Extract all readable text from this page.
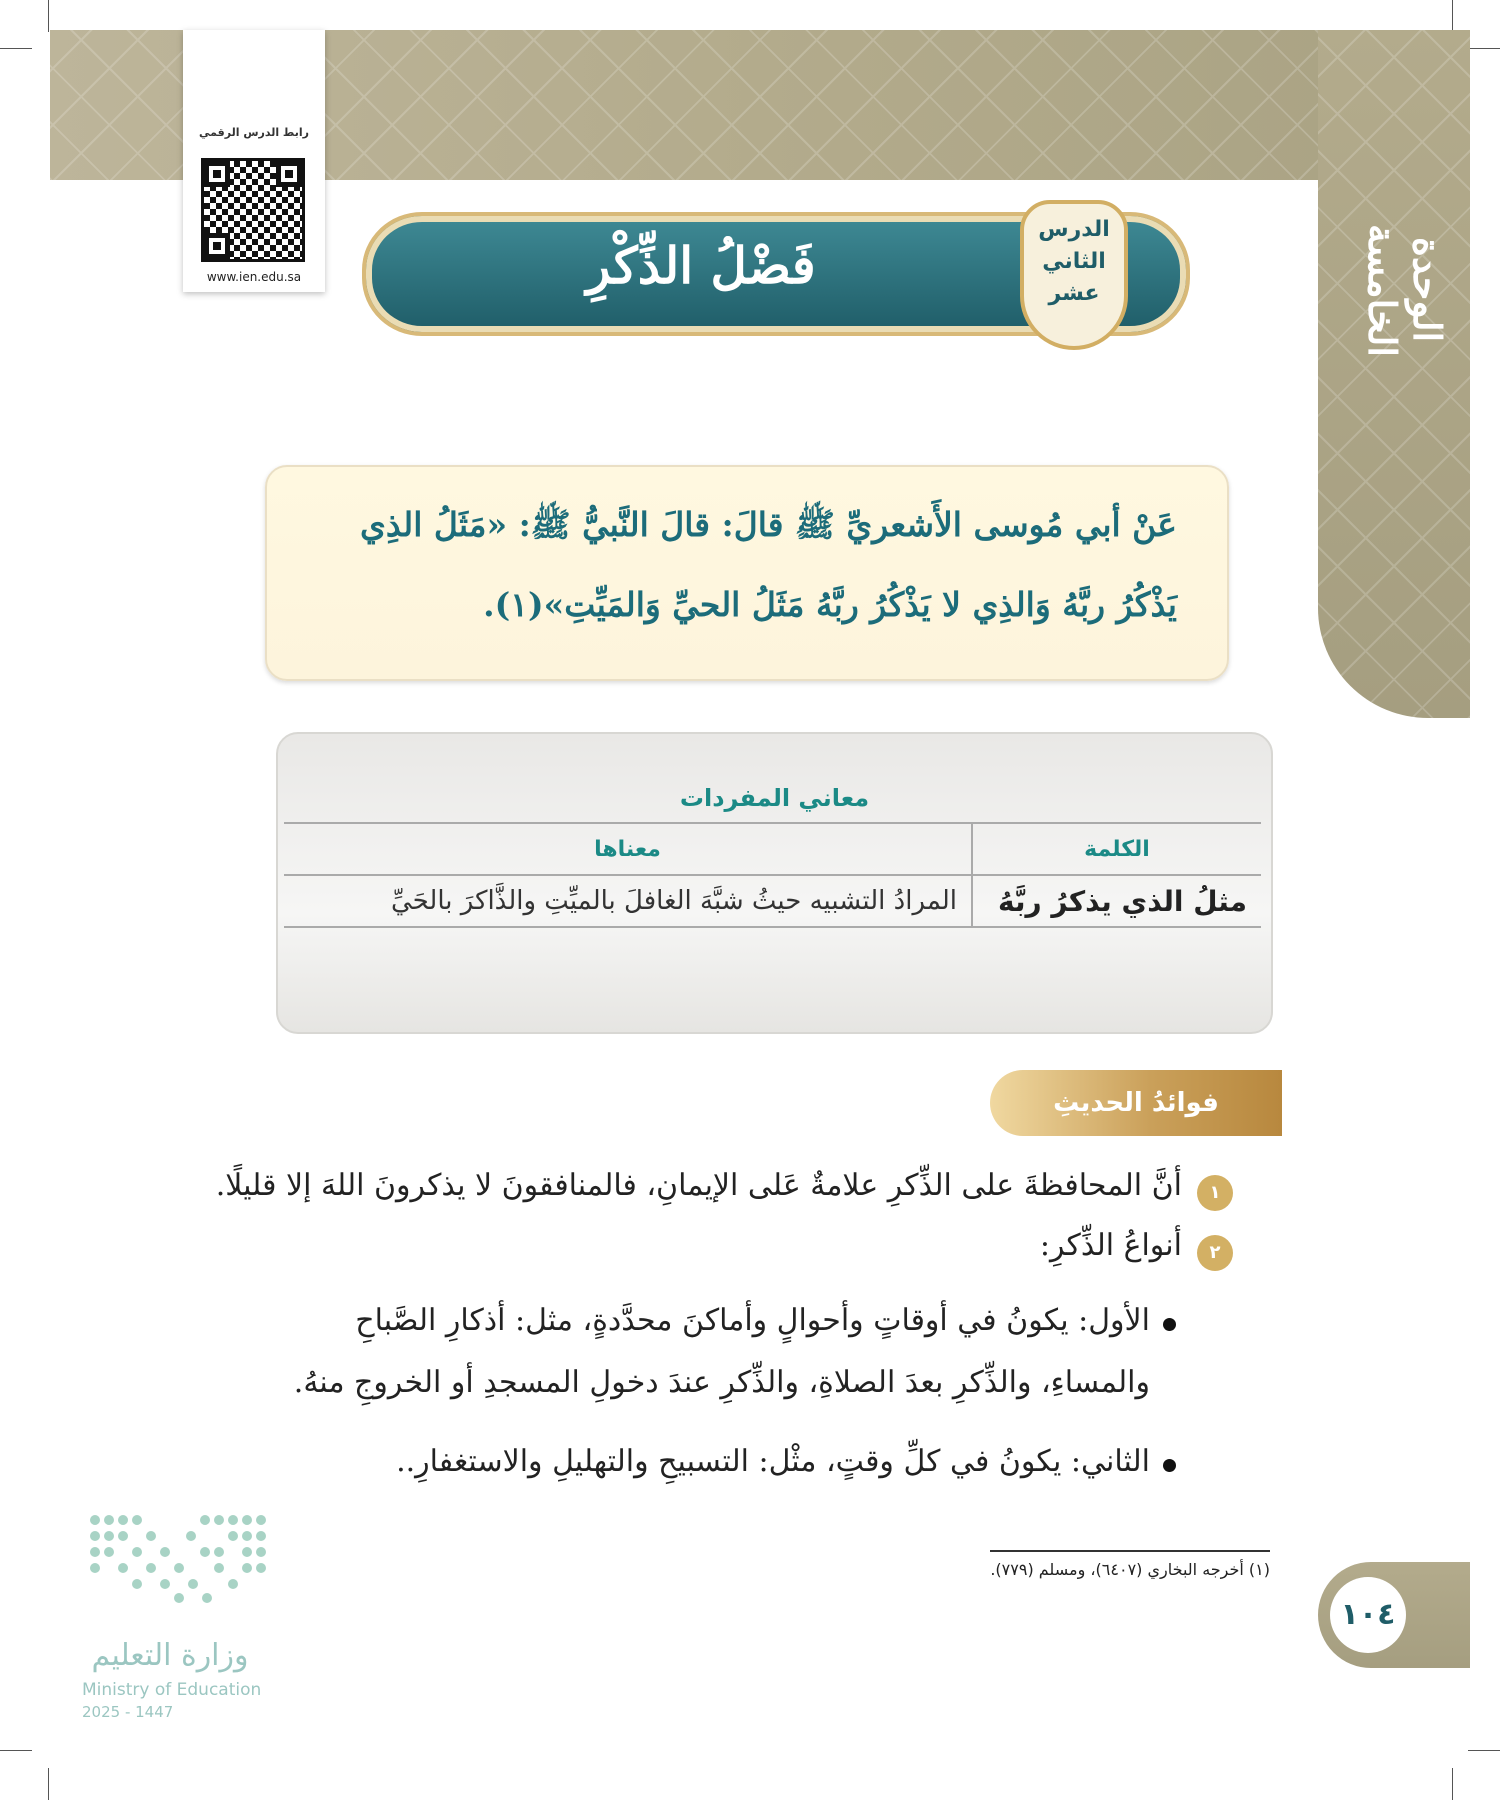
الوحدة الخامسة
رابط الدرس الرقمي
www.ien.edu.sa	فَضْلُ الذِّكْرِ
الدرس
الثاني
عشر
عَنْ أبي مُوسى الأَشعريِّ ﷺ قالَ: قالَ النَّبيُّ ﷺ: «مَثَلُ الذِي
يَذْكُرُ ربَّهُ وَالذِي لا يَذْكُرُ ربَّهُ مَثَلُ الحيِّ وَالمَيِّتِ»(١).
معاني المفردات
الكلمة	معناها
مثلُ الذي يذكرُ ربَّهُ	المرادُ التشبيه حيثُ شبَّهَ الغافلَ بالميِّتِ والذَّاكرَ بالحَيِّ
فوائدُ الحديثِ
١
أنَّ المحافظةَ على الذِّكرِ علامةٌ عَلى الإيمانِ، فالمنافقونَ لا يذكرونَ اللهَ إلا قليلًا.
٢
أنواعُ الذِّكرِ:
الأول: يكونُ في أوقاتٍ وأحوالٍ وأماكنَ محدَّدةٍ، مثل: أذكارِ الصَّباحِ
والمساءِ، والذِّكرِ بعدَ الصلاةِ، والذِّكرِ عندَ دخولِ المسجدِ أو الخروجِ منهُ.
الثاني: يكونُ في كلِّ وقتٍ، مثْل: التسبيحِ والتهليلِ والاستغفارِ..
(١) أخرجه البخاري (٦٤٠٧)، ومسلم (٧٧٩).
١٠٤
وزارة التعليم
Ministry of Education
2025 - 1447
